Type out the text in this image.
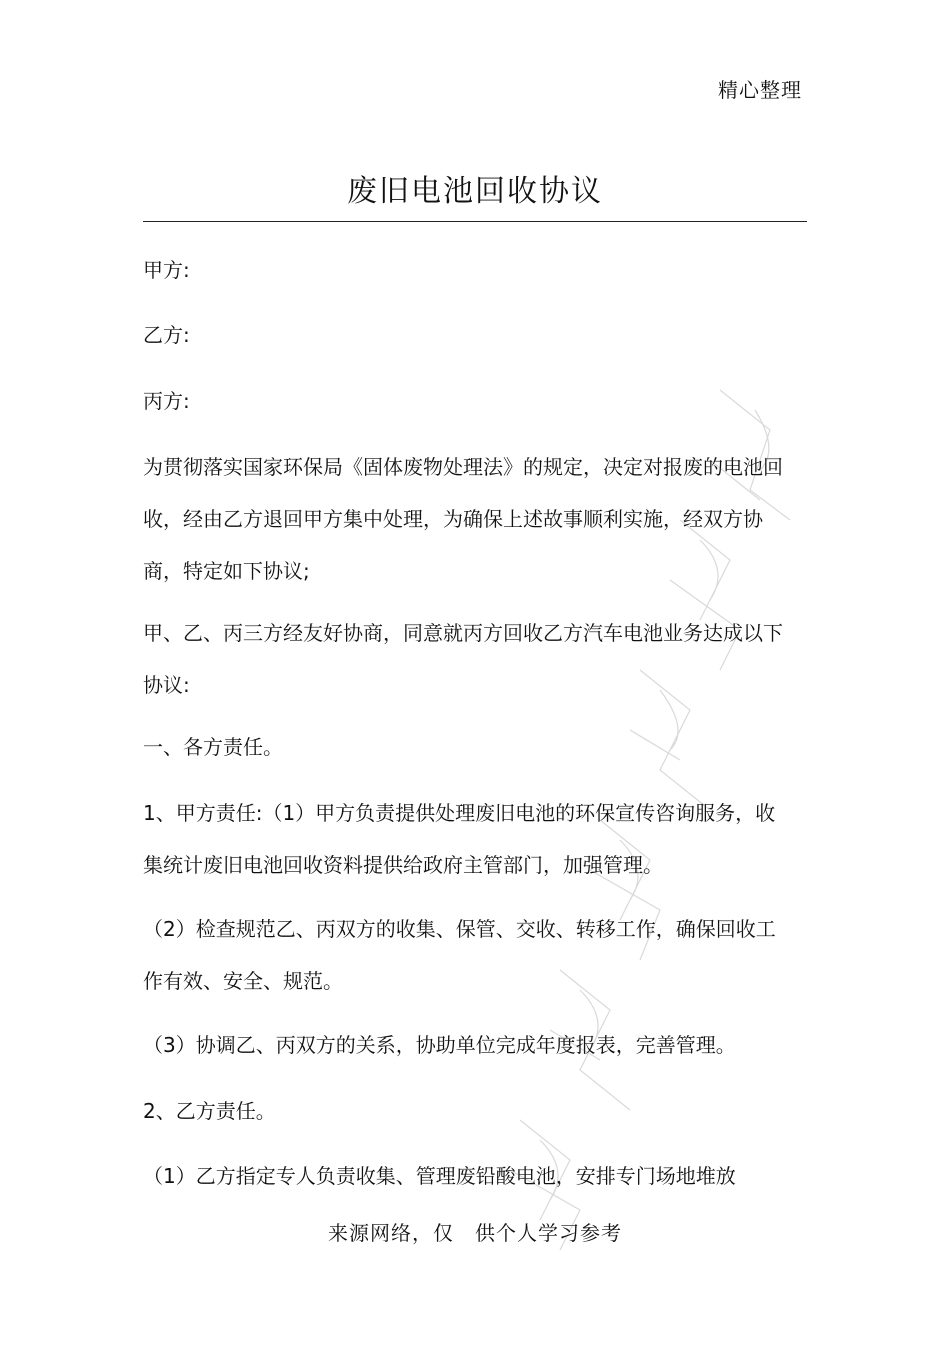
精心整理
废旧电池回收协议

甲方:

乙方:

丙方:

为贯彻落实国家环保局《固体废物处理法》的规定，决定对报废的电池回收，经由乙方退回甲方集中处理，为确保上述故事顺利实施，经双方协商，特定如下协议;

甲、乙、丙三方经友好协商，同意就丙方回收乙方汽车电池业务达成以下协议:

一、各方责任。

1、甲方责任:（1）甲方负责提供处理废旧电池的环保宣传咨询服务，收集统计废旧电池回收资料提供给政府主管部门，加强管理。

（2）检查规范乙、丙双方的收集、保管、交收、转移工作，确保回收工作有效、安全、规范。

（3）协调乙、丙双方的关系，协助单位完成年度报表，完善管理。

2、乙方责任。

（1）乙方指定专人负责收集、管理废铅酸电池，安排专门场地堆放

来源网络，仅　供个人学习参考
